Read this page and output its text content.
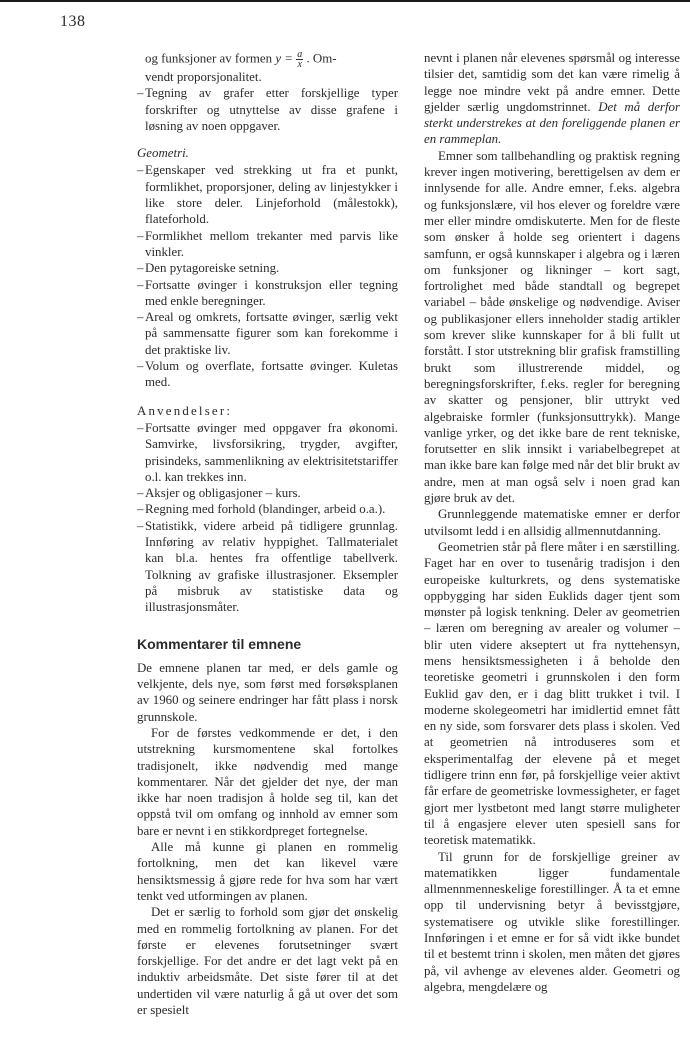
138
og funksjoner av formen $y = \frac{a}{x}$ . Om-
vendt proporsjonalitet.
– Tegning av grafer etter forskjellige typer forskrifter og utnyttelse av disse grafene i løsning av noen oppgaver.
Geometri.
– Egenskaper ved strekking ut fra et punkt, formlikhet, proporsjoner, deling av linjestykker i like store deler. Linjeforhold (målestokk), flateforhold.
– Formlikhet mellom trekanter med parvis like vinkler.
– Den pytagoreiske setning.
– Fortsatte øvinger i konstruksjon eller tegning med enkle beregninger.
– Areal og omkrets, fortsatte øvinger, særlig vekt på sammensatte figurer som kan forekomme i det praktiske liv.
– Volum og overflate, fortsatte øvinger. Kuletas med.
Anvendelser:
– Fortsatte øvinger med oppgaver fra økonomi. Samvirke, livsforsikring, trygder, avgifter, prisindeks, sammenlikning av elektrisitetstariffer o.l. kan trekkes inn.
– Aksjer og obligasjoner – kurs.
– Regning med forhold (blandinger, arbeid o.a.).
– Statistikk, videre arbeid på tidligere grunnlag. Innføring av relativ hyppighet. Tallmaterialet kan bl.a. hentes fra offentlige tabellverk. Tolkning av grafiske illustrasjoner. Eksempler på misbruk av statistiske data og illustrasjonsmåter.
Kommentarer til emnene

De emnene planen tar med, er dels gamle og velkjente, dels nye, som først med forsøksplanen av 1960 og seinere endringer har fått plass i norsk grunnskole.

For de førstes vedkommende er det, i den utstrekning kursmomentene skal fortolkes tradisjonelt, ikke nødvendig med mange kommentarer. Når det gjelder det nye, der man ikke har noen tradisjon å holde seg til, kan det oppstå tvil om omfang og innhold av emner som bare er nevnt i en stikkordpreget fortegnelse.

Alle må kunne gi planen en rommelig fortolkning, men det kan likevel være hensiktsmessig å gjøre rede for hva som har vært tenkt ved utformingen av planen.

Det er særlig to forhold som gjør det ønskelig med en rommelig fortolkning av planen. For det første er elevenes forutsetninger svært forskjellige. For det andre er det lagt vekt på en induktiv arbeidsmåte. Det siste fører til at det undertiden vil være naturlig å gå ut over det som er spesielt

nevnt i planen når elevenes spørsmål og interesse tilsier det, samtidig som det kan være rimelig å legge noe mindre vekt på andre emner. Dette gjelder særlig ungdomstrinnet. Det må derfor sterkt understrekes at den foreliggende planen er en rammeplan.

Emner som tallbehandling og praktisk regning krever ingen motivering, berettigelsen av dem er innlysende for alle. Andre emner, f.eks. algebra og funksjonslære, vil hos elever og foreldre være mer eller mindre omdiskuterte. Men for de fleste som ønsker å holde seg orientert i dagens samfunn, er også kunnskaper i algebra og i læren om funksjoner og likninger – kort sagt, fortrolighet med både standtall og begrepet variabel – både ønskelige og nødvendige. Aviser og publikasjoner ellers inneholder stadig artikler som krever slike kunnskaper for å bli fullt ut forstått. I stor utstrekning blir grafisk framstilling brukt som illustrerende middel, og beregningsforskrifter, f.eks. regler for beregning av skatter og pensjoner, blir uttrykt ved algebraiske formler (funksjonsuttrykk). Mange vanlige yrker, og det ikke bare de rent tekniske, forutsetter en slik innsikt i variabelbegrepet at man ikke bare kan følge med når det blir brukt av andre, men at man også selv i noen grad kan gjøre bruk av det.

Grunnleggende matematiske emner er derfor utvilsomt ledd i en allsidig allmennutdanning.

Geometrien står på flere måter i en særstilling. Faget har en over to tusenårig tradisjon i den europeiske kulturkrets, og dens systematiske oppbygging har siden Euklids dager tjent som mønster på logisk tenkning. Deler av geometrien – læren om beregning av arealer og volumer – blir uten videre akseptert ut fra nyttehensyn, mens hensiktsmessigheten i å beholde den teoretiske geometri i grunnskolen i den form Euklid gav den, er i dag blitt trukket i tvil. I moderne skolegeometri har imidlertid emnet fått en ny side, som forsvarer dets plass i skolen. Ved at geometrien nå introduseres som et eksperimentalfag der elevene på et meget tidligere trinn enn før, på forskjellige veier aktivt får erfare de geometriske lovmessigheter, er faget gjort mer lystbetont med langt større muligheter til å engasjere elever uten spesiell sans for teoretisk matematikk.

Til grunn for de forskjellige greiner av matematikken ligger fundamentale allmennmenneskelige forestillinger. Å ta et emne opp til undervisning betyr å bevisstgjøre, systematisere og utvikle slike forestillinger. Innføringen i et emne er for så vidt ikke bundet til et bestemt trinn i skolen, men måten det gjøres på, vil avhenge av elevenes alder. Geometri og algebra, mengdelære og
